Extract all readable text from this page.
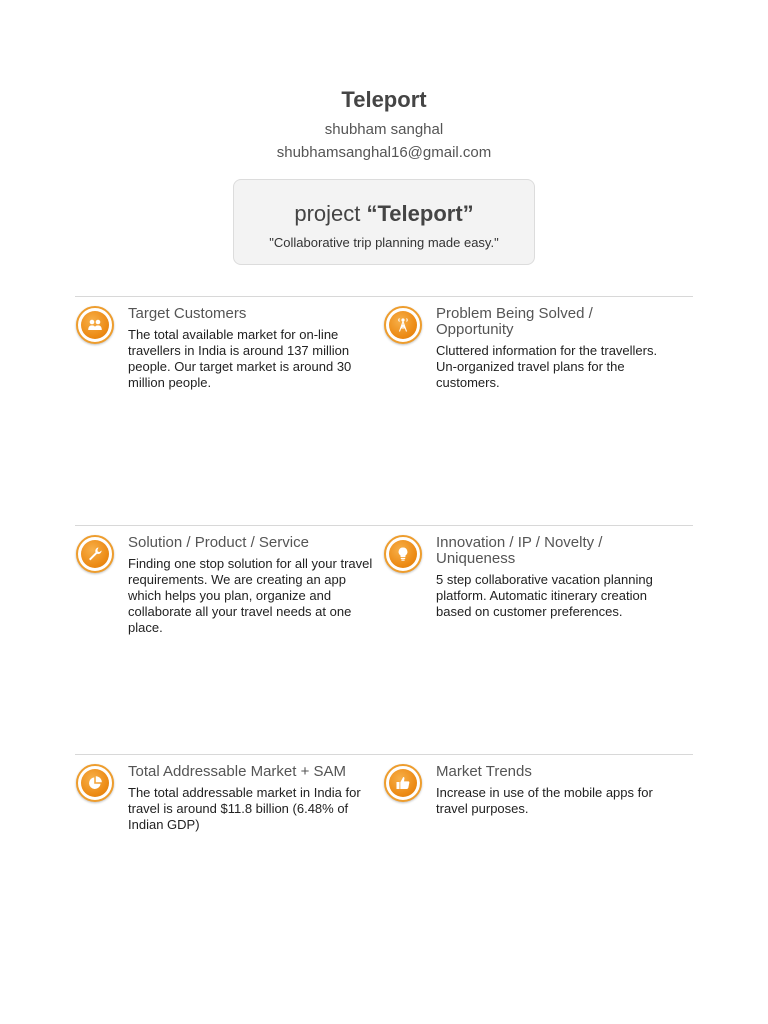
Teleport
shubham sanghal
shubhamsanghal16@gmail.com
project “Teleport”
"Collaborative trip planning made easy."
Target Customers
The total available market for on-line travellers in India is around 137 million people. Our target market is around 30 million people.
Problem Being Solved / Opportunity
Cluttered information for the travellers. Un-organized travel plans for the customers.
Solution / Product / Service
Finding one stop solution for all your travel requirements. We are creating an app which helps you plan, organize and collaborate all your travel needs at one place.
Innovation / IP / Novelty / Uniqueness
5 step collaborative vacation planning platform. Automatic itinerary creation based on customer preferences.
Total Addressable Market + SAM
The total addressable market in India for travel is around $11.8 billion (6.48% of Indian GDP)
Market Trends
Increase in use of the mobile apps for travel purposes.
